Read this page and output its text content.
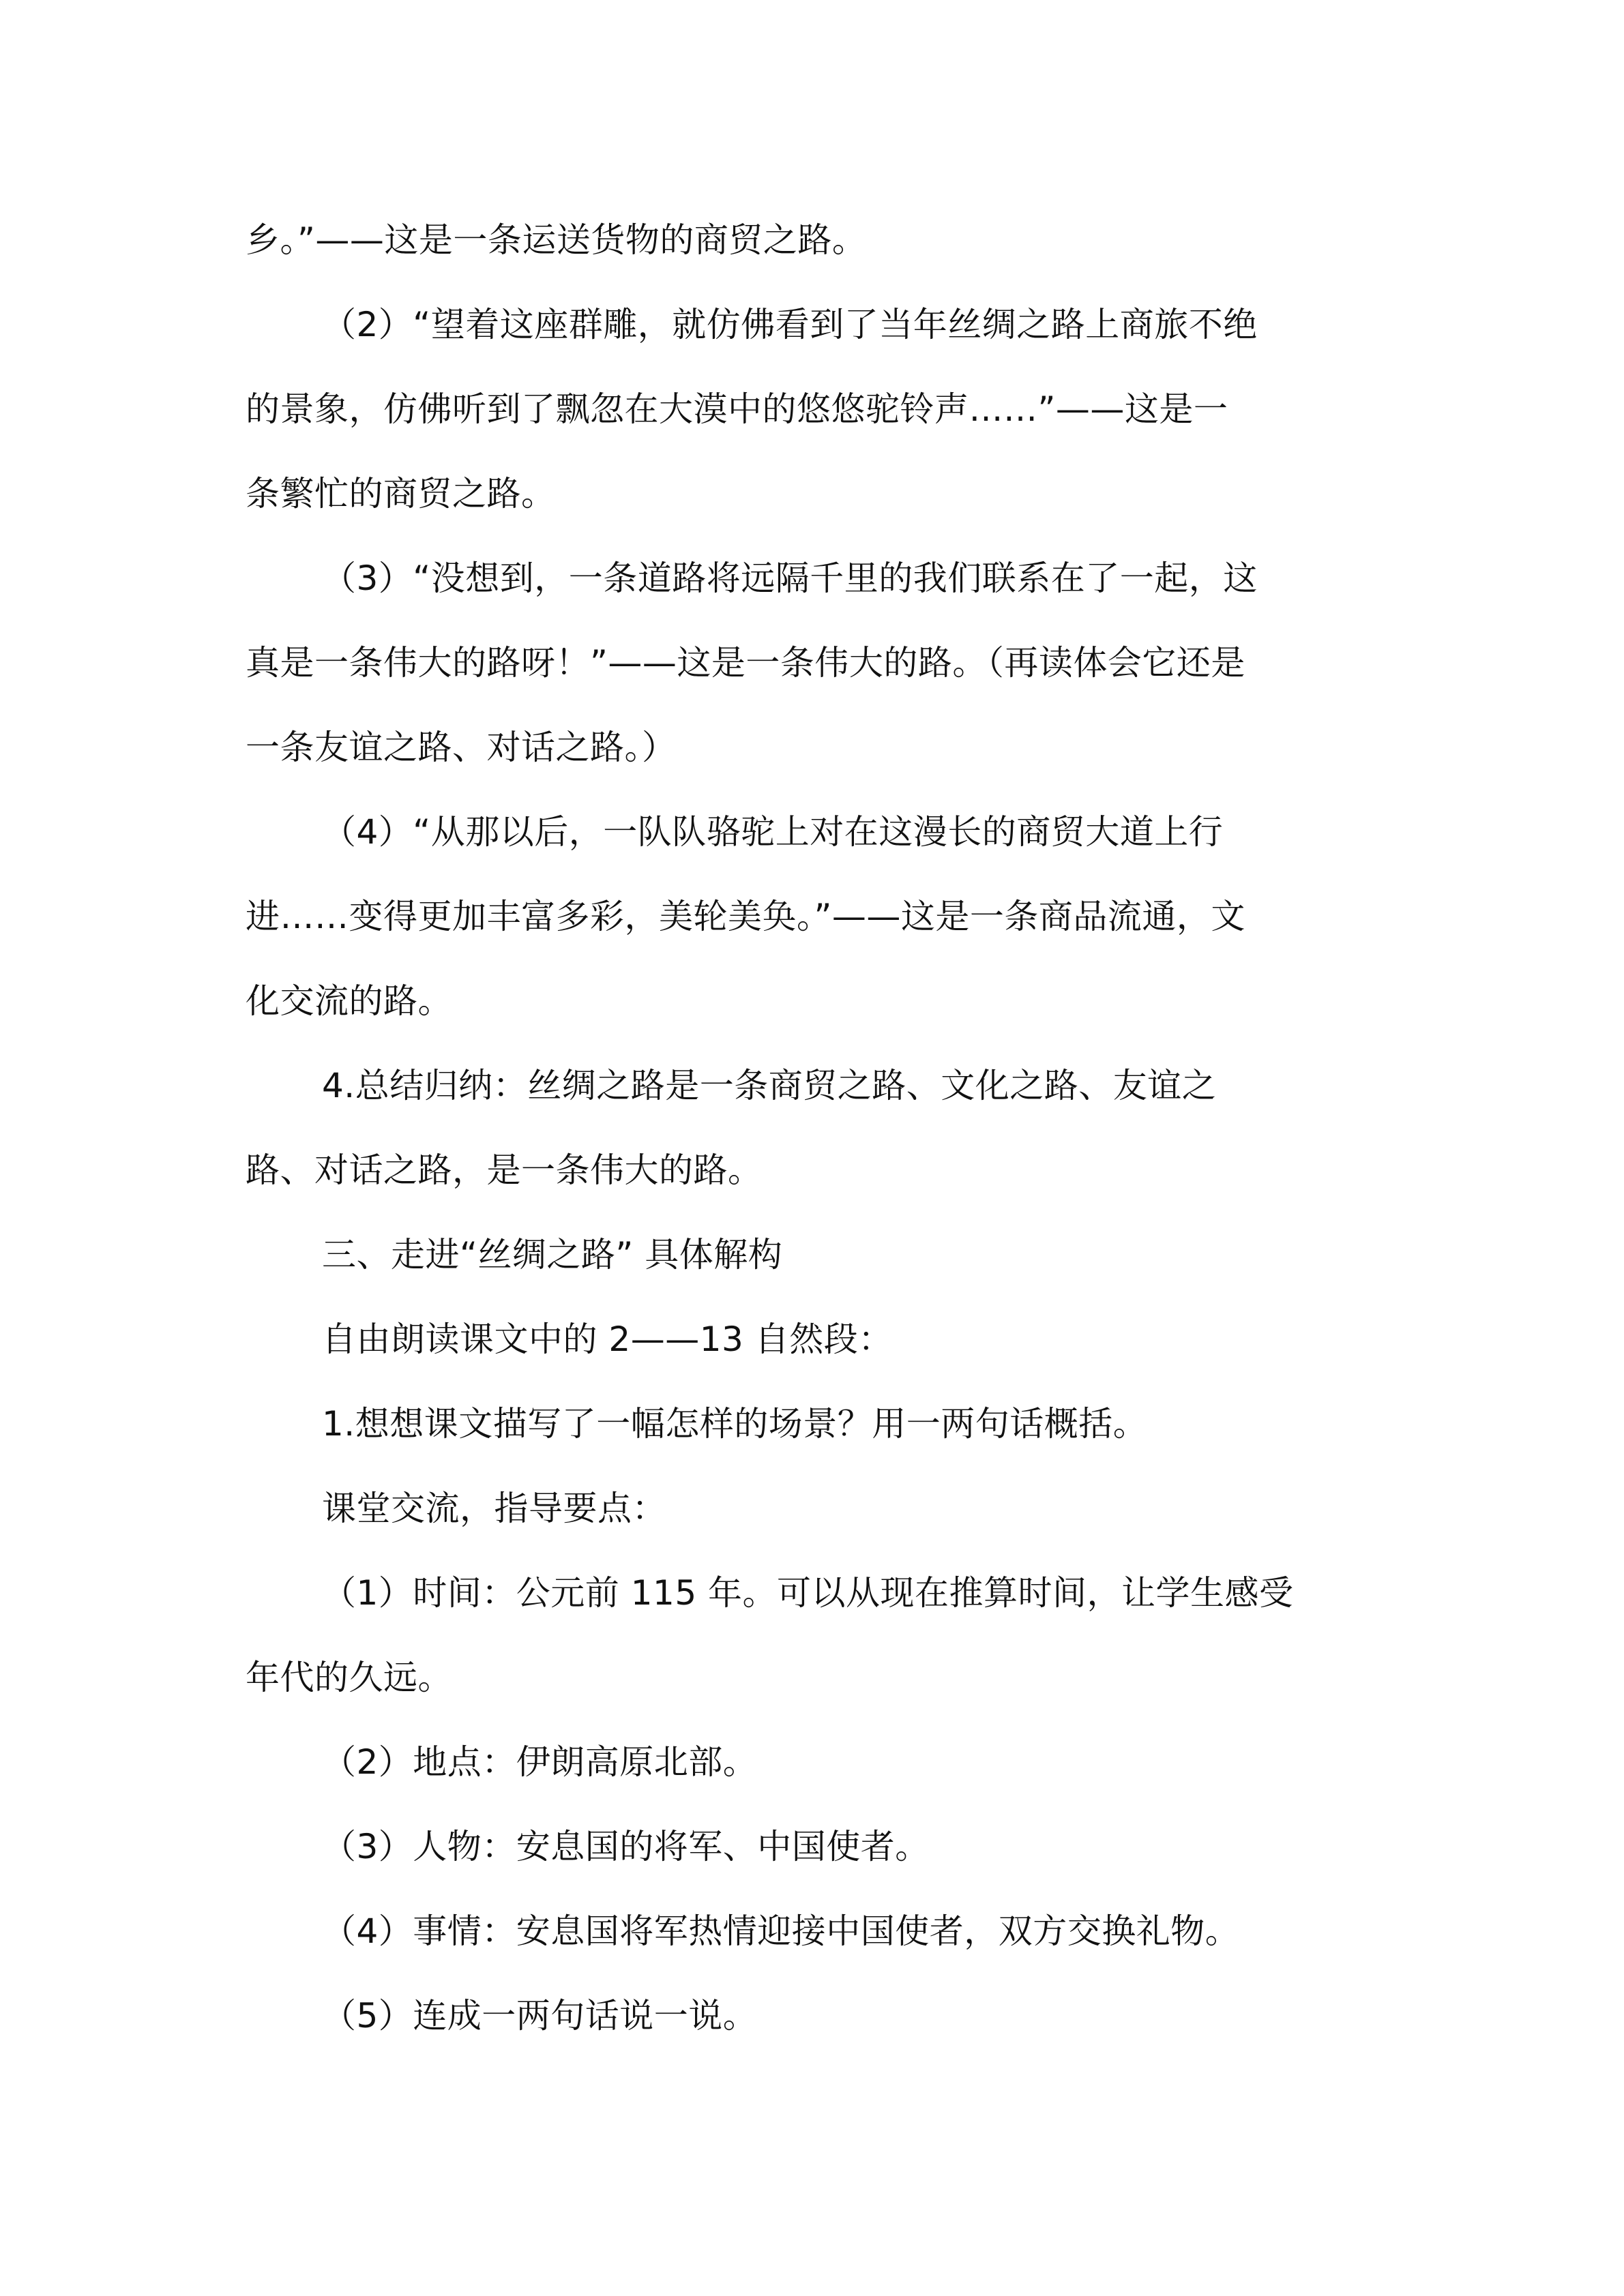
乡。”——这是一条运送货物的商贸之路。
（2）“望着这座群雕，就仿佛看到了当年丝绸之路上商旅不绝
的景象，仿佛听到了飘忽在大漠中的悠悠驼铃声……”——这是一
条繁忙的商贸之路。
（3）“没想到，一条道路将远隔千里的我们联系在了一起，这
真是一条伟大的路呀！”——这是一条伟大的路。（再读体会它还是
一条友谊之路、对话之路。）
（4）“从那以后，一队队骆驼上对在这漫长的商贸大道上行
进……变得更加丰富多彩，美轮美奂。”——这是一条商品流通，文
化交流的路。
4.总结归纳：丝绸之路是一条商贸之路、文化之路、友谊之
路、对话之路，是一条伟大的路。
三、走进“丝绸之路” 具体解构
自由朗读课文中的 2——13 自然段：
1.想想课文描写了一幅怎样的场景？用一两句话概括。
课堂交流，指导要点：
（1）时间：公元前 115 年。可以从现在推算时间，让学生感受
年代的久远。
（2）地点：伊朗高原北部。
（3）人物：安息国的将军、中国使者。
（4）事情：安息国将军热情迎接中国使者，双方交换礼物。
（5）连成一两句话说一说。
